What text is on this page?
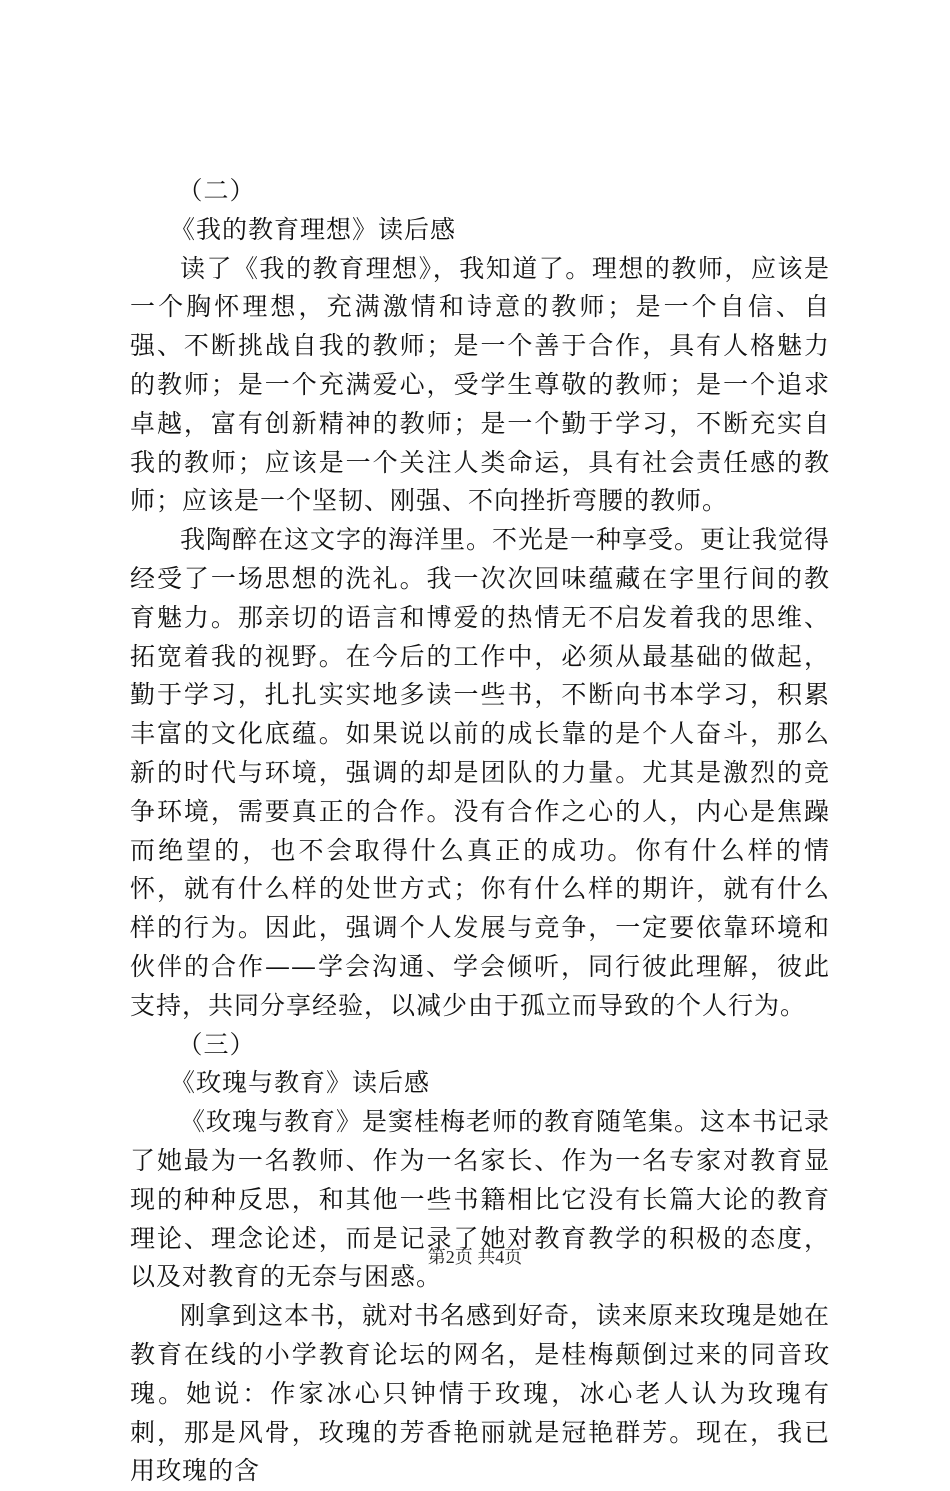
（二）

《我的教育理想》读后感

读了《我的教育理想》，我知道了。理想的教师，应该是一个胸怀理想，充满激情和诗意的教师；是一个自信、自强、不断挑战自我的教师；是一个善于合作，具有人格魅力的教师；是一个充满爱心，受学生尊敬的教师；是一个追求卓越，富有创新精神的教师；是一个勤于学习，不断充实自我的教师；应该是一个关注人类命运，具有社会责任感的教师；应该是一个坚韧、刚强、不向挫折弯腰的教师。

我陶醉在这文字的海洋里。不光是一种享受。更让我觉得经受了一场思想的洗礼。我一次次回味蕴藏在字里行间的教育魅力。那亲切的语言和博爱的热情无不启发着我的思维、拓宽着我的视野。在今后的工作中，必须从最基础的做起，勤于学习，扎扎实实地多读一些书，不断向书本学习，积累丰富的文化底蕴。如果说以前的成长靠的是个人奋斗，那么新的时代与环境，强调的却是团队的力量。尤其是激烈的竞争环境，需要真正的合作。没有合作之心的人，内心是焦躁而绝望的，也不会取得什么真正的成功。你有什么样的情怀，就有什么样的处世方式；你有什么样的期许，就有什么样的行为。因此，强调个人发展与竞争，一定要依靠环境和伙伴的合作——学会沟通、学会倾听，同行彼此理解，彼此支持，共同分享经验，以减少由于孤立而导致的个人行为。

（三）

《玫瑰与教育》读后感

《玫瑰与教育》是窦桂梅老师的教育随笔集。这本书记录了她最为一名教师、作为一名家长、作为一名专家对教育显现的种种反思，和其他一些书籍相比它没有长篇大论的教育理论、理念论述，而是记录了她对教育教学的积极的态度，以及对教育的无奈与困惑。

刚拿到这本书，就对书名感到好奇，读来原来玫瑰是她在教育在线的小学教育论坛的网名，是桂梅颠倒过来的同音玫瑰。她说：作家冰心只钟情于玫瑰，冰心老人认为玫瑰有刺，那是风骨，玫瑰的芳香艳丽就是冠艳群芳。现在，我已用玫瑰的含

第2页 共4页
